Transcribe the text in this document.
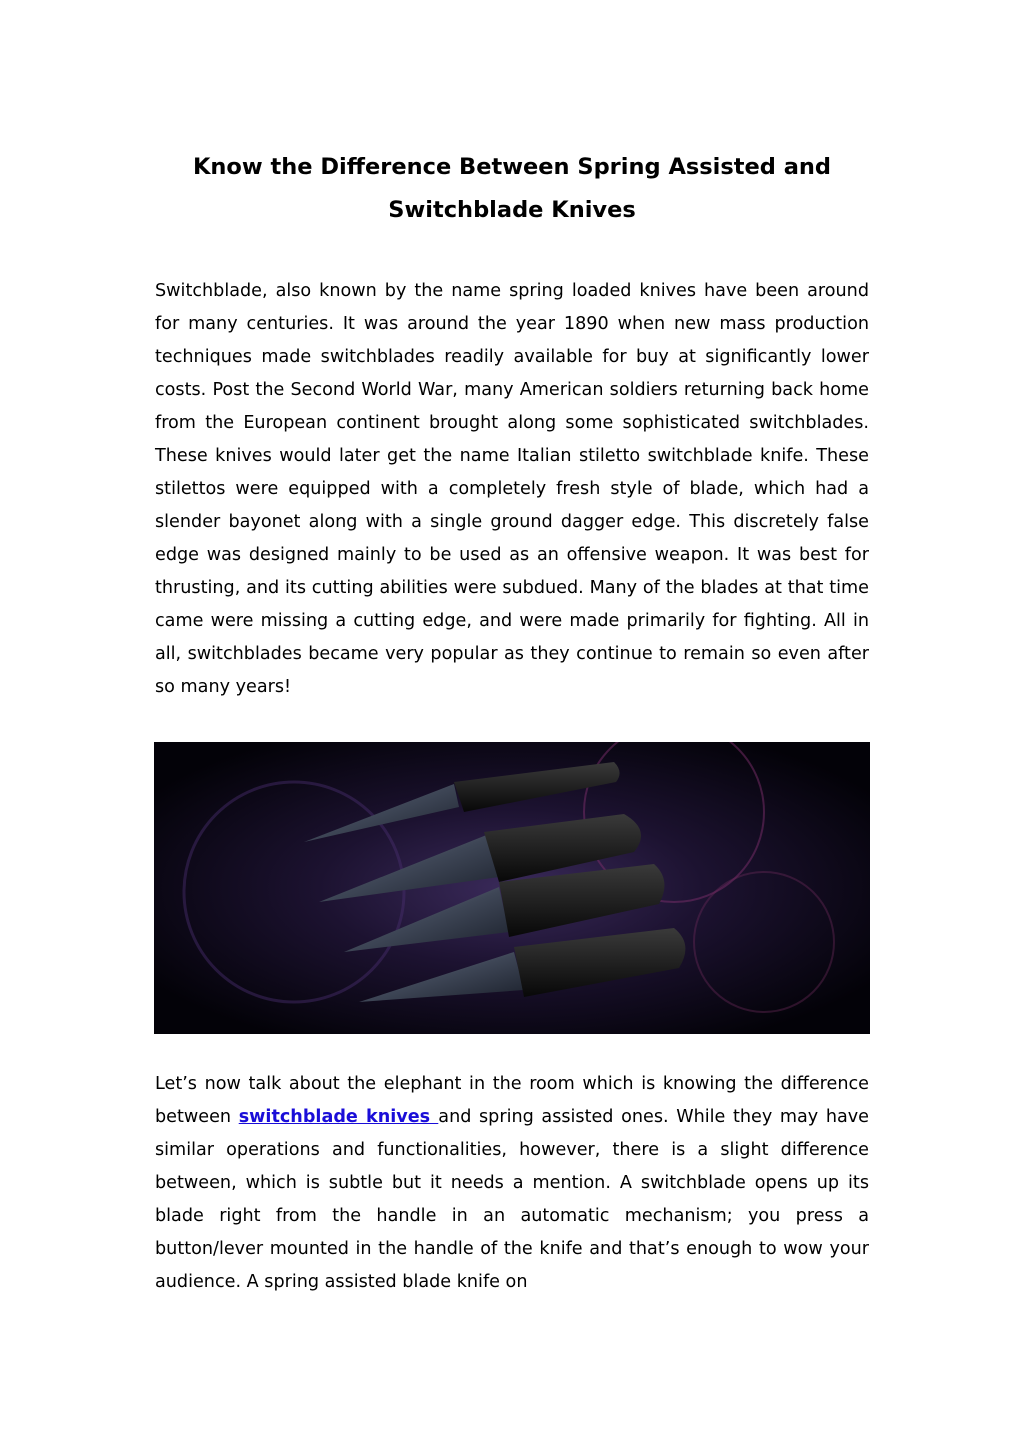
Know the Difference Between Spring Assisted and Switchblade Knives

Switchblade, also known by the name spring loaded knives have been around for many centuries. It was around the year 1890 when new mass production techniques made switchblades readily available for buy at significantly lower costs. Post the Second World War, many American soldiers returning back home from the European continent brought along some sophisticated switchblades. These knives would later get the name Italian stiletto switchblade knife. These stilettos were equipped with a completely fresh style of blade, which had a slender bayonet along with a single ground dagger edge. This discretely false edge was designed mainly to be used as an offensive weapon. It was best for thrusting, and its cutting abilities were subdued. Many of the blades at that time came were missing a cutting edge, and were made primarily for fighting. All in all, switchblades became very popular as they continue to remain so even after so many years!

Let’s now talk about the elephant in the room which is knowing the difference between switchblade knives and spring assisted ones. While they may have similar operations and functionalities, however, there is a slight difference between, which is subtle but it needs a mention. A switchblade opens up its blade right from the handle in an automatic mechanism; you press a button/lever mounted in the handle of the knife and that’s enough to wow your audience. A spring assisted blade knife on
